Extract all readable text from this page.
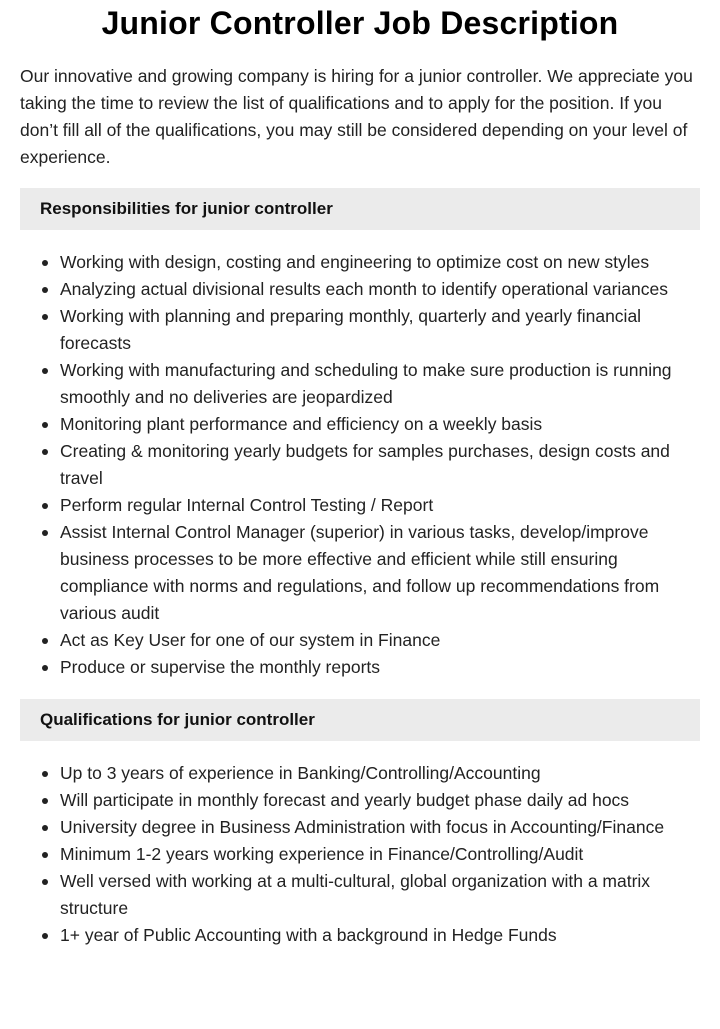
Junior Controller Job Description

Our innovative and growing company is hiring for a junior controller. We appreciate you taking the time to review the list of qualifications and to apply for the position. If you don’t fill all of the qualifications, you may still be considered depending on your level of experience.

Responsibilities for junior controller
Working with design, costing and engineering to optimize cost on new styles
Analyzing actual divisional results each month to identify operational variances
Working with planning and preparing monthly, quarterly and yearly financial forecasts
Working with manufacturing and scheduling to make sure production is running smoothly and no deliveries are jeopardized
Monitoring plant performance and efficiency on a weekly basis
Creating & monitoring yearly budgets for samples purchases, design costs and travel
Perform regular Internal Control Testing / Report
Assist Internal Control Manager (superior) in various tasks, develop/improve business processes to be more effective and efficient while still ensuring compliance with norms and regulations, and follow up recommendations from various audit
Act as Key User for one of our system in Finance
Produce or supervise the monthly reports
Qualifications for junior controller
Up to 3 years of experience in Banking/Controlling/Accounting
Will participate in monthly forecast and yearly budget phase daily ad hocs
University degree in Business Administration with focus in Accounting/Finance
Minimum 1-2 years working experience in Finance/Controlling/Audit
Well versed with working at a multi-cultural, global organization with a matrix structure
1+ year of Public Accounting with a background in Hedge Funds
